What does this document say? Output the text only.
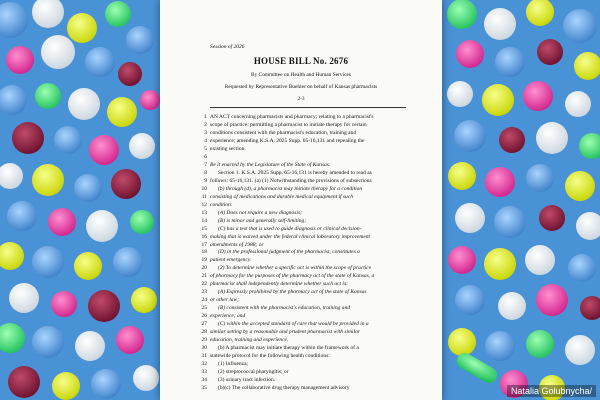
Session of 2026
HOUSE BILL No. 2676
By Committee on Health and Human Services
Requested by Representative Buehler on behalf of Kansas pharmacists
2-3
1 AN ACT concerning pharmacists and pharmacy; relating to a pharmacist's
2 scope of practice; permitting a pharmacist to initiate therapy for certain
3 conditions consistent with the pharmacist's education, training and
4 experience; amending K.S.A. 2025 Supp. 65-16,131 and repealing the
5 existing section.
6
7 Be it enacted by the Legislature of the State of Kansas:
8 Section 1. K.S.A. 2025 Supp. 65-16,131 is hereby amended to read as
9 follows: 65-16,131. (a) (1) Notwithstanding the provisions of subsections
10 (b) through (d), a pharmacist may initiate therapy for a condition
11 consisting of medications and durable medical equipment if such
12 condition:
13 (A) Does not require a new diagnosis;
14 (B) is minor and generally self-limiting;
15 (C) has a test that is used to guide diagnosis or clinical decision-
16 making that is waived under the federal clinical laboratory improvement
17 amendments of 1988; or
18 (D) in the professional judgment of the pharmacist, constitutes a
19 patient emergency.
20 (2) To determine whether a specific act is within the scope of practice
21 of pharmacy for the purposes of the pharmacy act of the state of Kansas, a
22 pharmacist shall independently determine whether such act is:
23 (A) Expressly prohibited by the pharmacy act of the state of Kansas
24 or other law;
25 (B) consistent with the pharmacist's education, training and
26 experience; and
27 (C) within the accepted standard of care that would be provided in a
28 similar setting by a reasonable and prudent pharmacist with similar
29 education, training and experience.
30 (b) A pharmacist may initiate therapy within the framework of a
31 statewide protocol for the following health conditions:
32 (1) Influenza;
33 (2) streptococcal pharyngitis; or
34 (3) urinary tract infection.
35 (b)(c) The collaborative drug therapy management advisory	Natalia Golubnycha/
